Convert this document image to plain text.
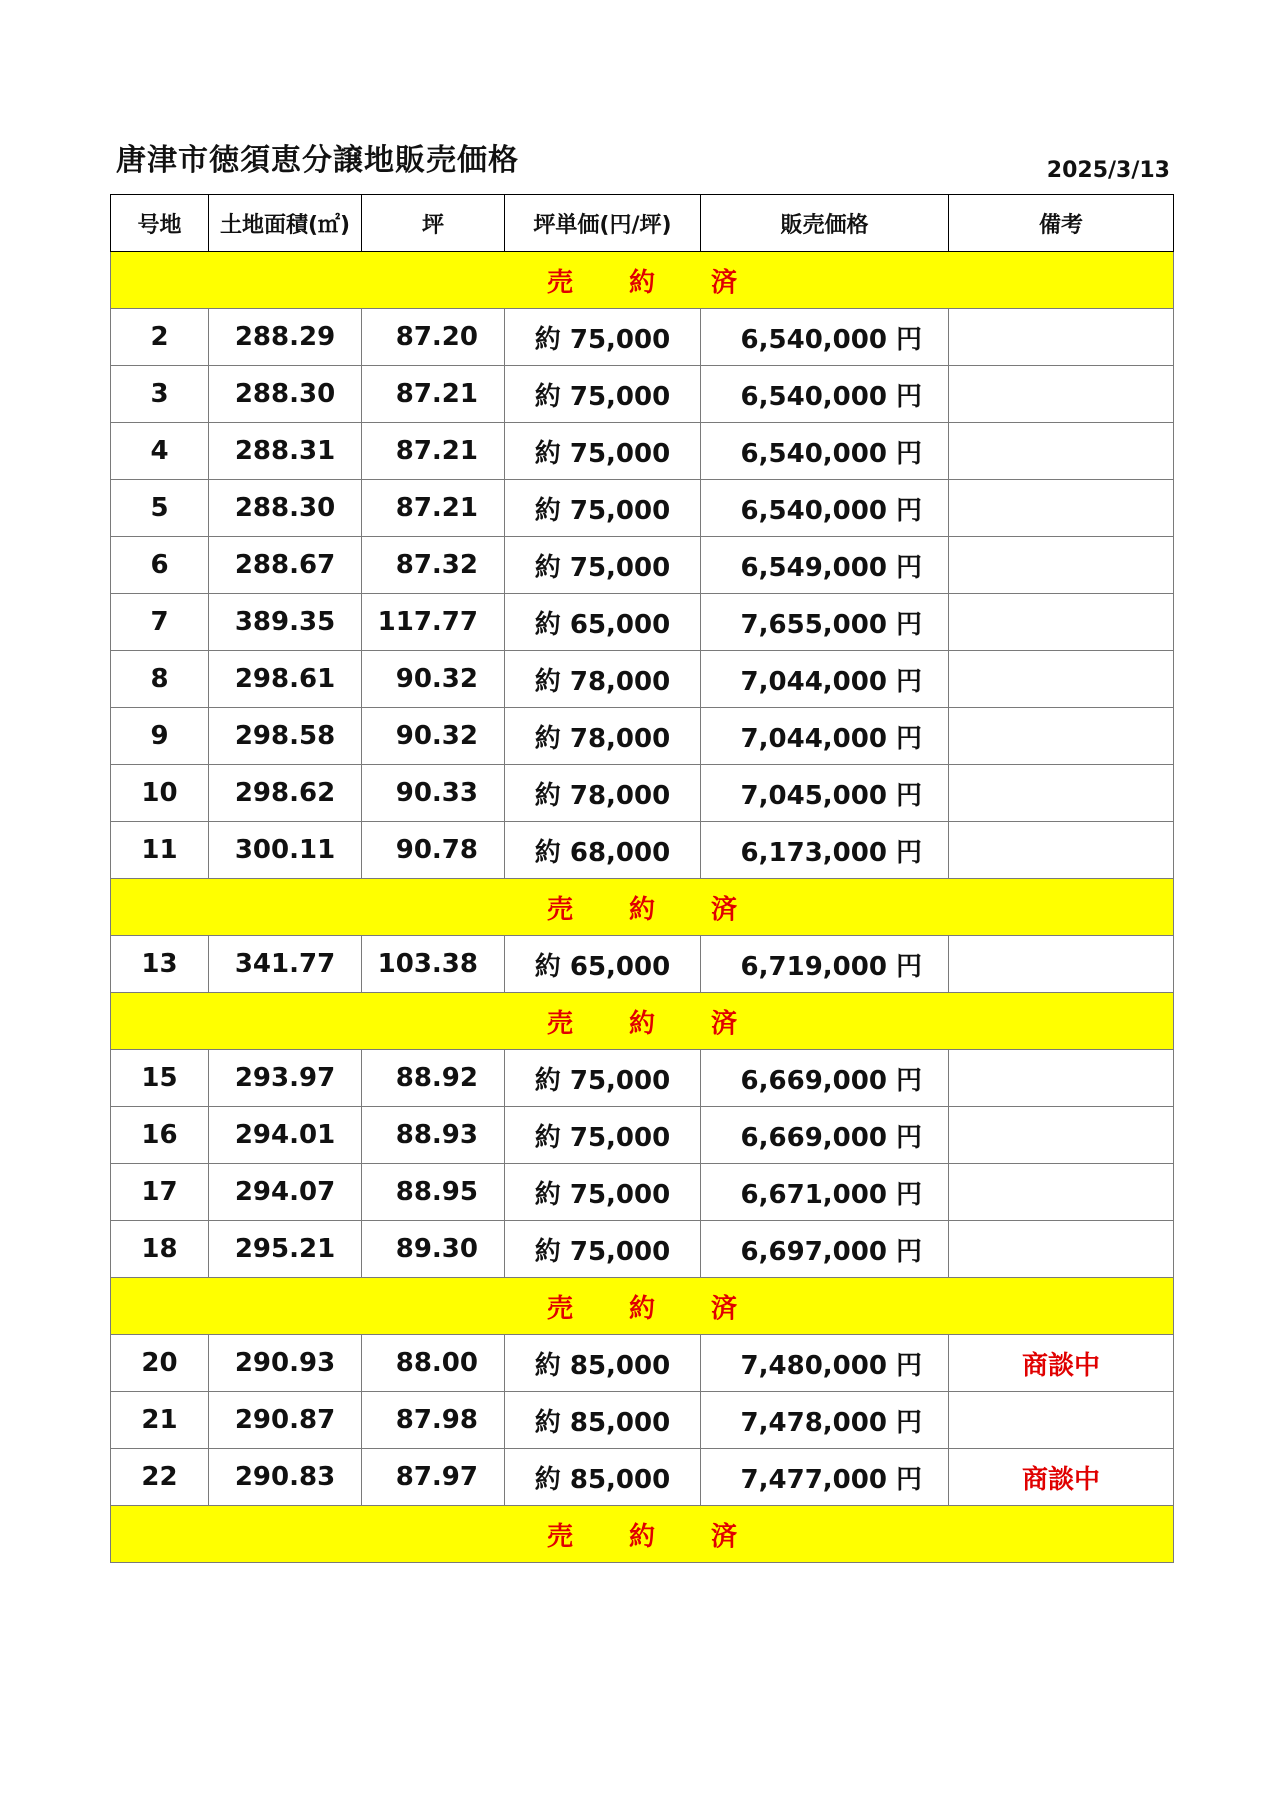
唐津市徳須恵分譲地販売価格	2025/3/13
号地	土地面積(㎡)	坪	坪単価(円/坪)	販売価格	備考
売約済					
2	288.29	87.20	約 75,000	6,540,000 円	
3	288.30	87.21	約 75,000	6,540,000 円	
4	288.31	87.21	約 75,000	6,540,000 円	
5	288.30	87.21	約 75,000	6,540,000 円	
6	288.67	87.32	約 75,000	6,549,000 円	
7	389.35	117.77	約 65,000	7,655,000 円	
8	298.61	90.32	約 78,000	7,044,000 円	
9	298.58	90.32	約 78,000	7,044,000 円	
10	298.62	90.33	約 78,000	7,045,000 円	
11	300.11	90.78	約 68,000	6,173,000 円	
売約済					
13	341.77	103.38	約 65,000	6,719,000 円	
売約済					
15	293.97	88.92	約 75,000	6,669,000 円	
16	294.01	88.93	約 75,000	6,669,000 円	
17	294.07	88.95	約 75,000	6,671,000 円	
18	295.21	89.30	約 75,000	6,697,000 円	
売約済					
20	290.93	88.00	約 85,000	7,480,000 円	商談中
21	290.87	87.98	約 85,000	7,478,000 円	
22	290.83	87.97	約 85,000	7,477,000 円	商談中
売約済					
